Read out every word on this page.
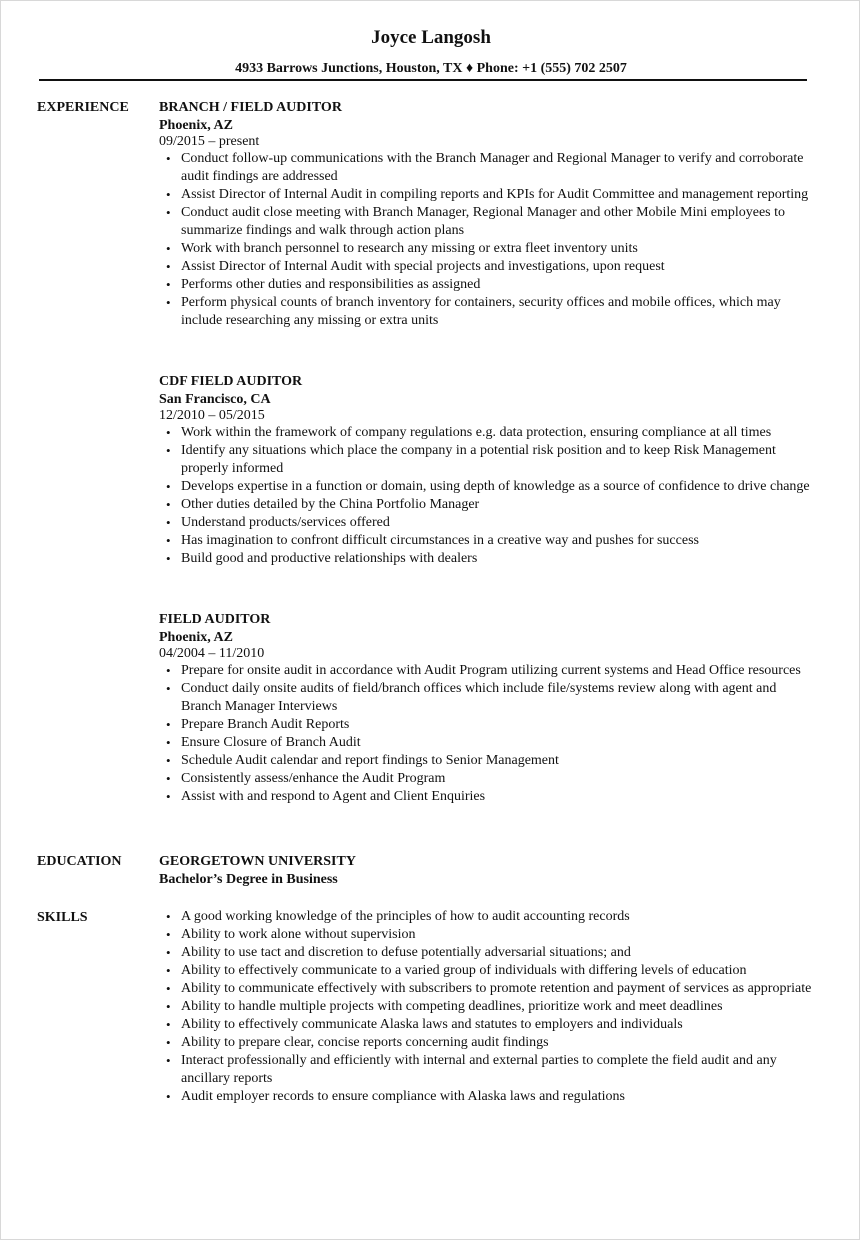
Joyce Langosh
4933 Barrows Junctions, Houston, TX ♦ Phone: +1 (555) 702 2507
EXPERIENCE BRANCH / FIELD AUDITOR
Phoenix, AZ
09/2015 – present
• Conduct follow-up communications with the Branch Manager and Regional Manager to verify and corroborate audit findings are addressed
• Assist Director of Internal Audit in compiling reports and KPIs for Audit Committee and management reporting
• Conduct audit close meeting with Branch Manager, Regional Manager and other Mobile Mini employees to summarize findings and walk through action plans
• Work with branch personnel to research any missing or extra fleet inventory units
• Assist Director of Internal Audit with special projects and investigations, upon request
• Performs other duties and responsibilities as assigned
• Perform physical counts of branch inventory for containers, security offices and mobile offices, which may include researching any missing or extra units
CDF FIELD AUDITOR
San Francisco, CA
12/2010 – 05/2015
• Work within the framework of company regulations e.g. data protection, ensuring compliance at all times
• Identify any situations which place the company in a potential risk position and to keep Risk Management properly informed
• Develops expertise in a function or domain, using depth of knowledge as a source of confidence to drive change
• Other duties detailed by the China Portfolio Manager
• Understand products/services offered
• Has imagination to confront difficult circumstances in a creative way and pushes for success
• Build good and productive relationships with dealers
FIELD AUDITOR
Phoenix, AZ
04/2004 – 11/2010
• Prepare for onsite audit in accordance with Audit Program utilizing current systems and Head Office resources
• Conduct daily onsite audits of field/branch offices which include file/systems review along with agent and Branch Manager Interviews
• Prepare Branch Audit Reports
• Ensure Closure of Branch Audit
• Schedule Audit calendar and report findings to Senior Management
• Consistently assess/enhance the Audit Program
• Assist with and respond to Agent and Client Enquiries
EDUCATION	GEORGETOWN UNIVERSITY
Bachelor’s Degree in Business
SKILLS	• A good working knowledge of the principles of how to audit accounting records
• Ability to work alone without supervision
• Ability to use tact and discretion to defuse potentially adversarial situations; and
• Ability to effectively communicate to a varied group of individuals with differing levels of education
• Ability to communicate effectively with subscribers to promote retention and payment of services as appropriate
• Ability to handle multiple projects with competing deadlines, prioritize work and meet deadlines
• Ability to effectively communicate Alaska laws and statutes to employers and individuals
• Ability to prepare clear, concise reports concerning audit findings
• Interact professionally and efficiently with internal and external parties to complete the field audit and any ancillary reports
• Audit employer records to ensure compliance with Alaska laws and regulations
